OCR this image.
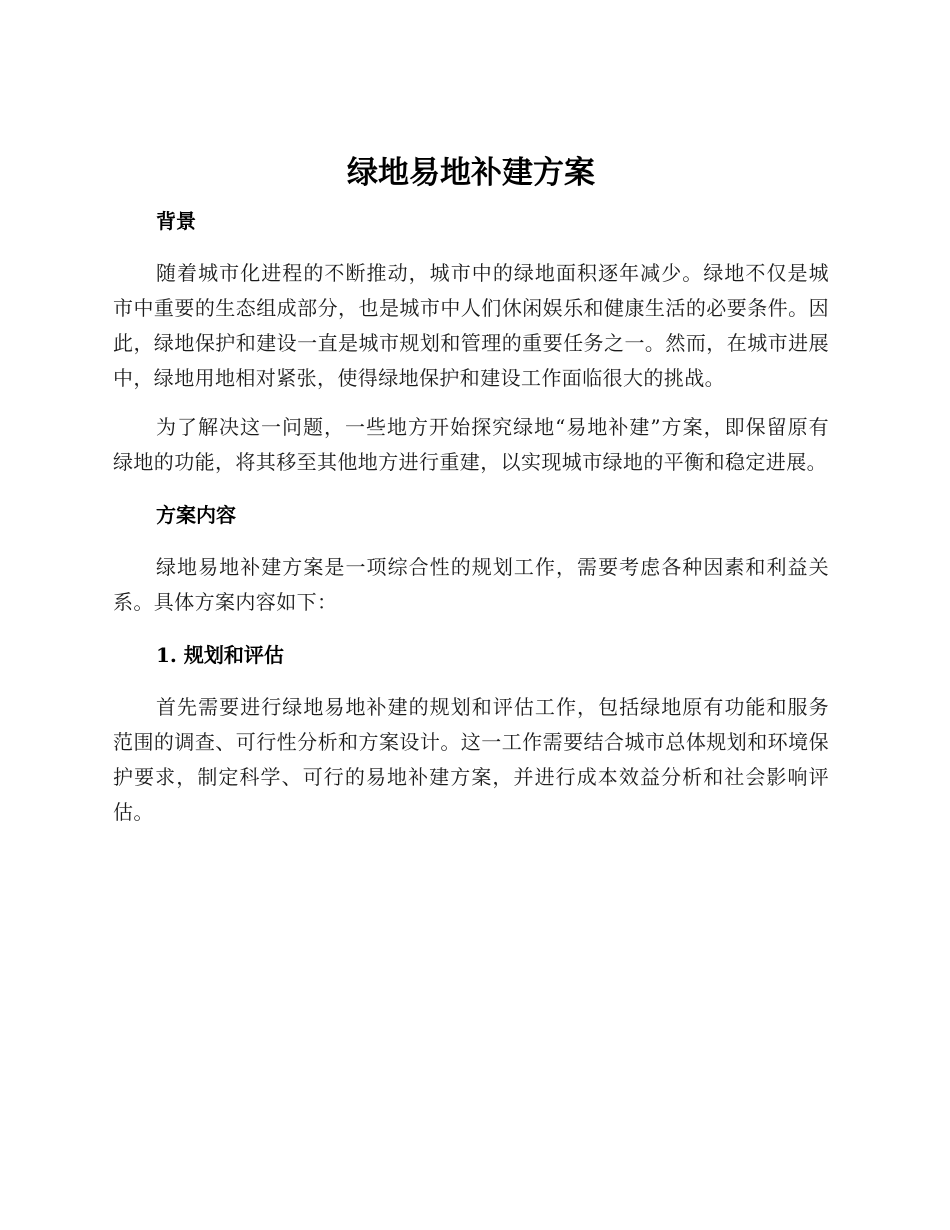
绿地易地补建方案
背景

随着城市化进程的不断推动，城市中的绿地面积逐年减少。绿地不仅是城市中重要的生态组成部分，也是城市中人们休闲娱乐和健康生活的必要条件。因此，绿地保护和建设一直是城市规划和管理的重要任务之一。然而，在城市进展中，绿地用地相对紧张，使得绿地保护和建设工作面临很大的挑战。

为了解决这一问题，一些地方开始探究绿地“易地补建”方案，即保留原有绿地的功能，将其移至其他地方进行重建，以实现城市绿地的平衡和稳定进展。

方案内容

绿地易地补建方案是一项综合性的规划工作，需要考虑各种因素和利益关系。具体方案内容如下：

1. 规划和评估

首先需要进行绿地易地补建的规划和评估工作，包括绿地原有功能和服务范围的调查、可行性分析和方案设计。这一工作需要结合城市总体规划和环境保护要求，制定科学、可行的易地补建方案，并进行成本效益分析和社会影响评估。
